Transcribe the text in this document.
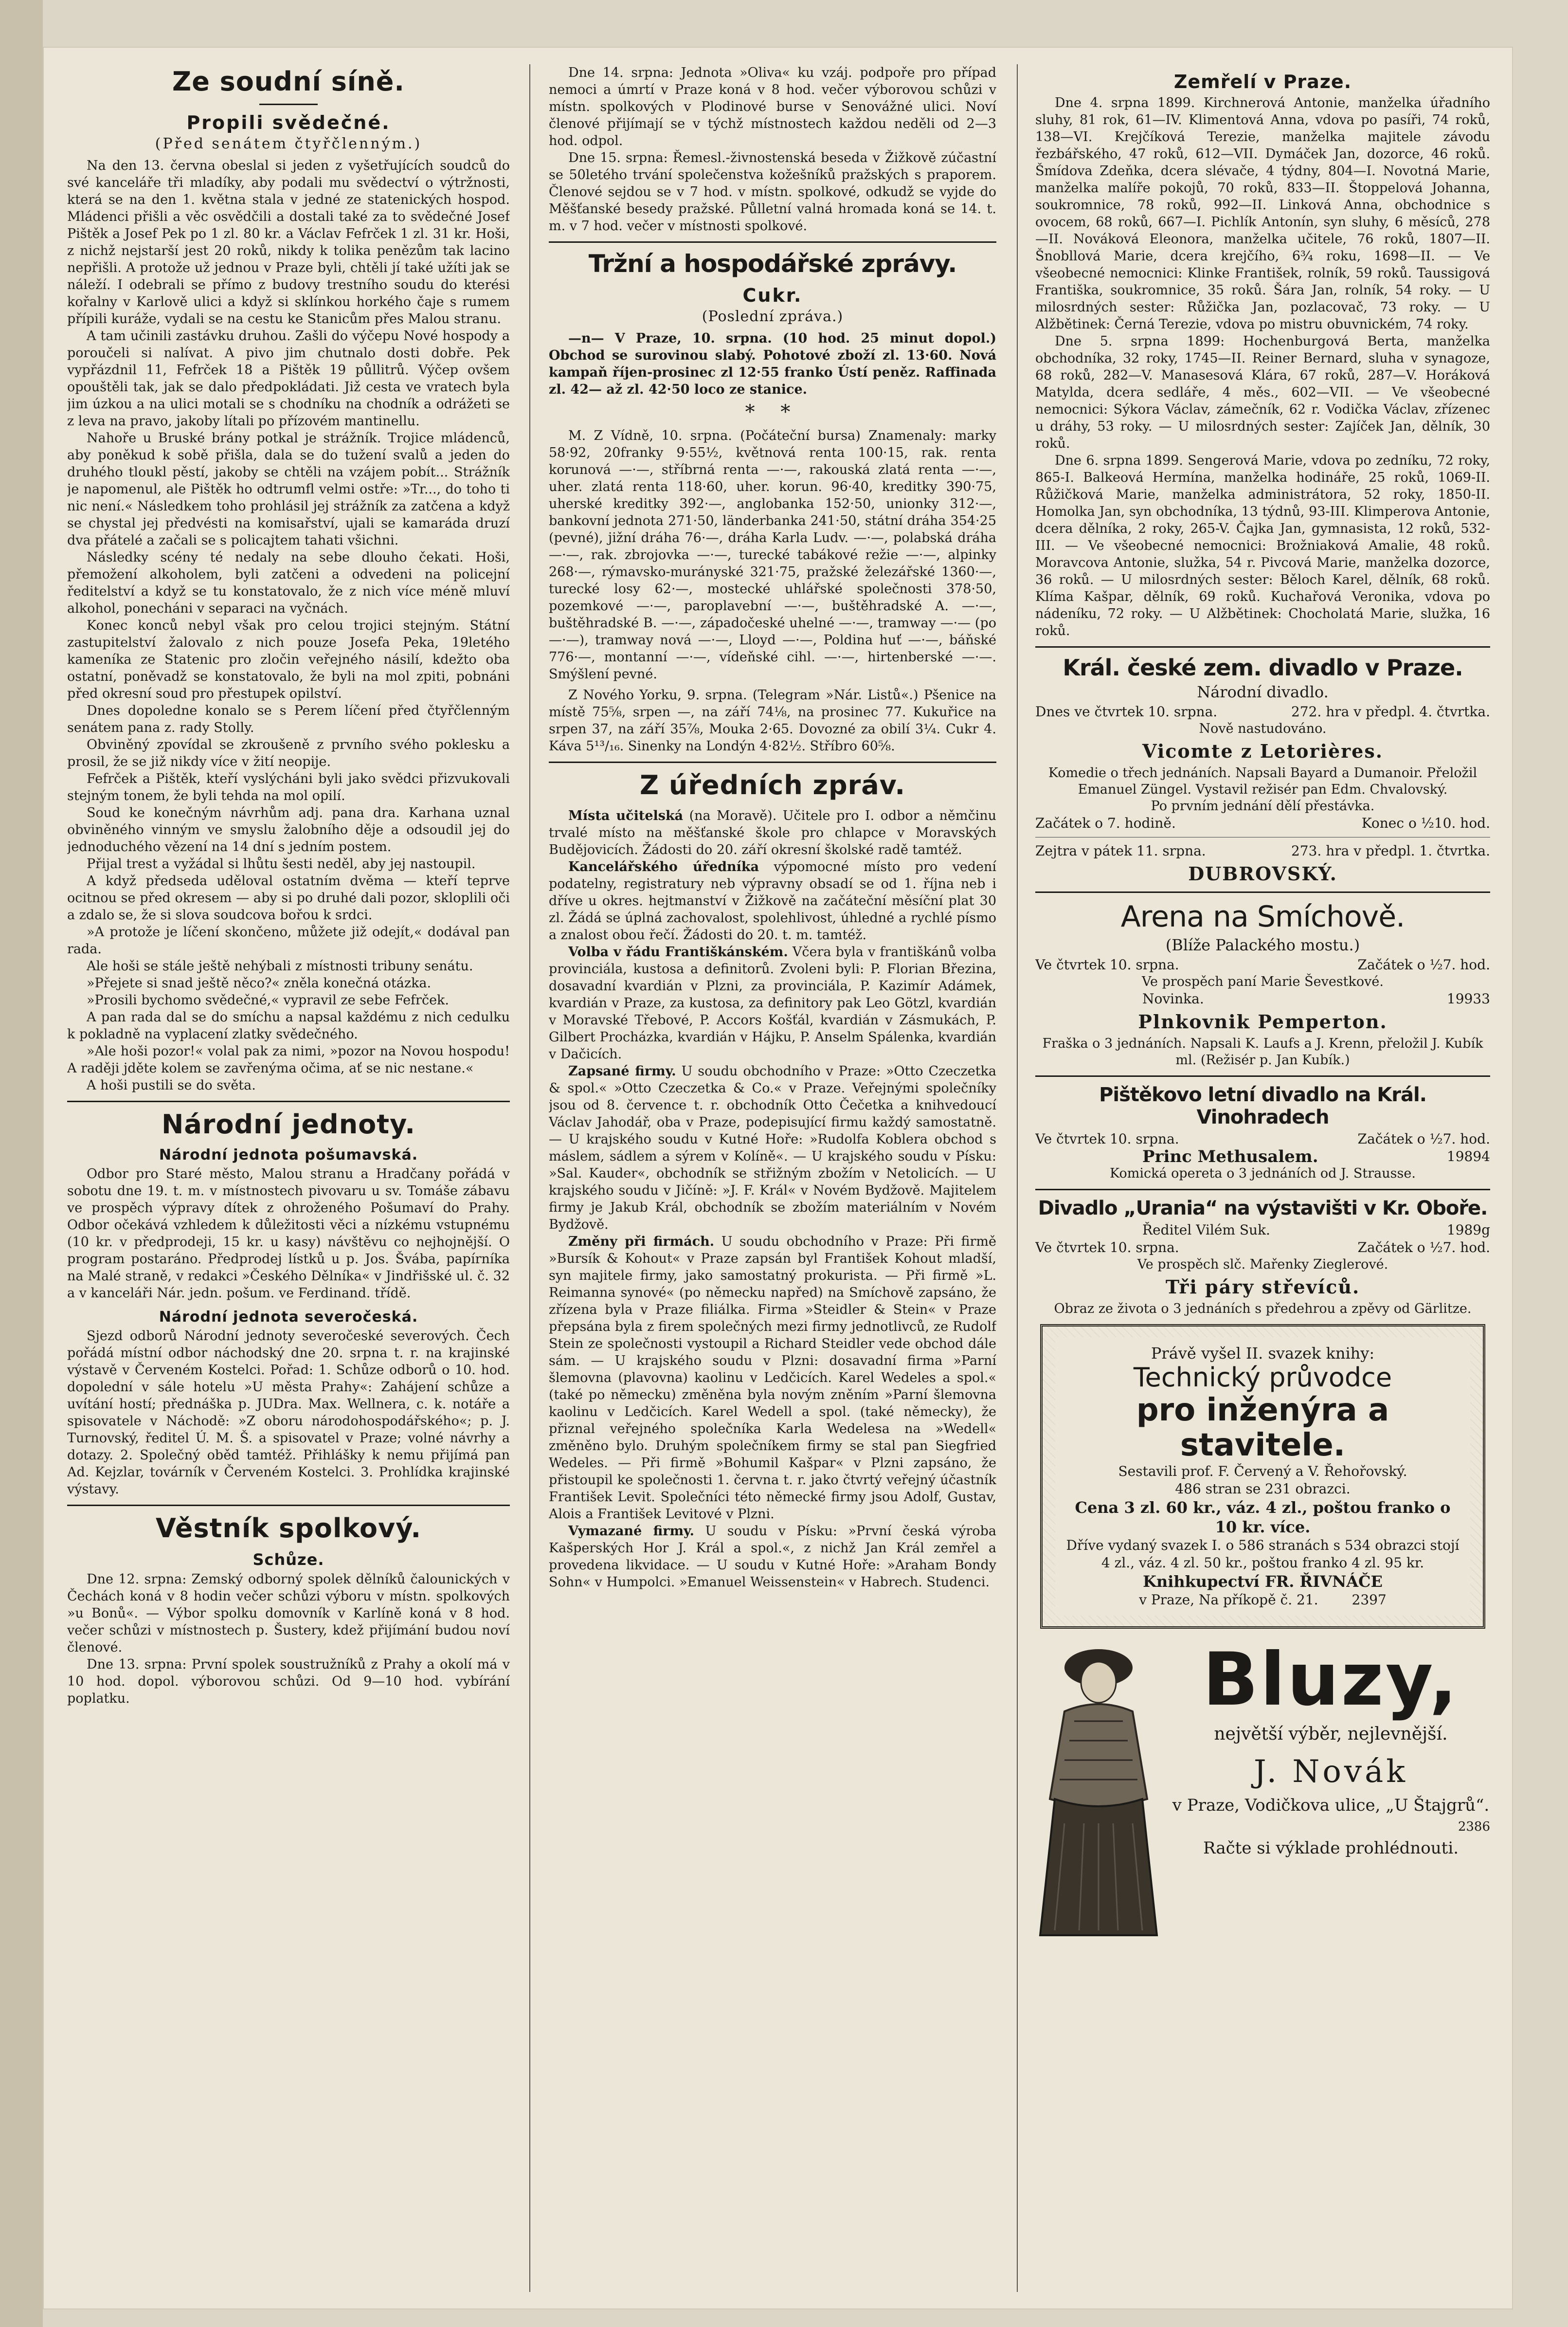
Ze soudní síně.
Propili svědečné.
(Před senátem čtyřčlenným.)

Na den 13. června obeslal si jeden z vyšetřujících soudců do své kanceláře tři mladíky, aby podali mu svědectví o výtržnosti, která se na den 1. května stala v jedné ze statenických hospod. Mládenci přišli a věc osvědčili a dostali také za to svědečné Josef Pištěk a Josef Pek po 1 zl. 80 kr. a Václav Fefrček 1 zl. 31 kr. Hoši, z nichž nejstarší jest 20 roků, nikdy k tolika penězům tak lacino nepřišli. A protože už jednou v Praze byli, chtěli jí také užíti jak se náleží. I odebrali se přímo z budovy trestního soudu do kterési kořalny v Karlově ulici a když si sklínkou horkého čaje s rumem přípili kuráže, vydali se na cestu ke Stanicům přes Malou stranu.

A tam učinili zastávku druhou. Zašli do výčepu Nové hospody a poroučeli si nalívat. A pivo jim chutnalo dosti dobře. Pek vypřázdnil 11, Fefrček 18 a Pištěk 19 půllitrů. Výčep ovšem opouštěli tak, jak se dalo předpokládati. Již cesta ve vratech byla jim úzkou a na ulici motali se s chodníku na chodník a odrážeti se z leva na pravo, jakoby lítali po přízovém mantinellu.

Nahoře u Bruské brány potkal je strážník. Trojice mládenců, aby poněkud k sobě přišla, dala se do tužení svalů a jeden do druhého tloukl pěstí, jakoby se chtěli na vzájem pobít... Strážník je napomenul, ale Pištěk ho odtrumfl velmi ostře: »Tr..., do toho ti nic není.« Následkem toho prohlásil jej strážník za zatčena a když se chystal jej předvésti na komisařství, ujali se kamaráda druzí dva přátelé a začali se s policajtem tahati všichni.

Následky scény té nedaly na sebe dlouho čekati. Hoši, přemožení alkoholem, byli zatčeni a odvedeni na policejní ředitelství a když se tu konstatovalo, že z nich více méně mluví alkohol, ponecháni v separaci na vyčnách.

Konec konců nebyl však pro celou trojici stejným. Státní zastupitelství žalovalo z nich pouze Josefa Peka, 19letého kameníka ze Statenic pro zločin veřejného násilí, kdežto oba ostatní, poněvadž se konstatovalo, že byli na mol zpiti, pobnáni před okresní soud pro přestupek opilství.

Dnes dopoledne konalo se s Perem líčení před čtyřčlenným senátem pana z. rady Stolly.

Obviněný zpovídal se zkroušeně z prvního svého poklesku a prosil, že se již nikdy více v žití neopije.

Fefrček a Pištěk, kteří vyslýcháni byli jako svědci přizvukovali stejným tonem, že byli tehda na mol opilí.

Soud ke konečným návrhům adj. pana dra. Karhana uznal obviněného vinným ve smyslu žalobního děje a odsoudil jej do jednoduchého vězení na 14 dní s jedním postem.

Přijal trest a vyžádal si lhůtu šesti neděl, aby jej nastoupil.

A když předseda uděloval ostatním dvěma — kteří teprve ocitnou se před okresem — aby si po druhé dali pozor, skloplili oči a zdalo se, že si slova soudcova bořou k srdci.

»A protože je líčení skončeno, můžete již odejít,« dodával pan rada.

Ale hoši se stále ještě nehýbali z místnosti tribuny senátu.

»Přejete si snad ještě něco?« zněla konečná otázka.

»Prosili bychomo svědečné,« vypravil ze sebe Fefrček.

A pan rada dal se do smíchu a napsal každému z nich cedulku k pokladně na vyplacení zlatky svědečného.

»Ale hoši pozor!« volal pak za nimi, »pozor na Novou hospodu! A raději jděte kolem se zavřenýma očima, ať se nic nestane.«

A hoši pustili se do světa.

Národní jednoty.
Národní jednota pošumavská.

Odbor pro Staré město, Malou stranu a Hradčany pořádá v sobotu dne 19. t. m. v místnostech pivovaru u sv. Tomáše zábavu ve prospěch výpravy dítek z ohroženého Pošumaví do Prahy. Odbor očekává vzhledem k důležitosti věci a nízkému vstupnému (10 kr. v předprodeji, 15 kr. u kasy) návštěvu co nejhojnější. O program postaráno. Předprodej lístků u p. Jos. Švába, papírníka na Malé straně, v redakci »Českého Dělníka« v Jindřišské ul. č. 32 a v kanceláři Nár. jedn. pošum. ve Ferdinand. třídě.

Národní jednota severočeská.

Sjezd odborů Národní jednoty severočeské severových. Čech pořádá místní odbor náchodský dne 20. srpna t. r. na krajinské výstavě v Červeném Kostelci. Pořad: 1. Schůze odborů o 10. hod. dopolední v sále hotelu »U města Prahy«: Zahájení schůze a uvítání hostí; přednáška p. JUDra. Max. Wellnera, c. k. notáře a spisovatele v Náchodě: »Z oboru národohospodářského«; p. J. Turnovský, ředitel Ú. M. Š. a spisovatel v Praze; volné návrhy a dotazy. 2. Společný oběd tamtéž. Přihlášky k nemu přijímá pan Ad. Kejzlar, továrník v Červeném Kostelci. 3. Prohlídka krajinské výstavy.

Věstník spolkový.
Schůze.

Dne 12. srpna: Zemský odborný spolek dělníků čalounických v Čechách koná v 8 hodin večer schůzi výboru v místn. spolkových »u Bonů«. — Výbor spolku domovník v Karlíně koná v 8 hod. večer schůzi v místnostech p. Šustery, kdež přijímání budou noví členové.

Dne 13. srpna: První spolek soustružníků z Prahy a okolí má v 10 hod. dopol. výborovou schůzi. Od 9—10 hod. vybírání poplatku.

Dne 14. srpna: Jednota »Oliva« ku vzáj. podpoře pro případ nemoci a úmrtí v Praze koná v 8 hod. večer výborovou schůzi v místn. spolkových v Plodinové burse v Senovážné ulici. Noví členové přijímají se v týchž místnostech každou neděli od 2—3 hod. odpol.

Dne 15. srpna: Řemesl.-živnostenská beseda v Žižkově zúčastní se 50letého trvání společenstva kožešníků pražských s praporem. Členové sejdou se v 7 hod. v místn. spolkové, odkudž se vyjde do Měšťanské besedy pražské. Půlletní valná hromada koná se 14. t. m. v 7 hod. večer v místnosti spolkové.

Tržní a hospodářské zprávy.
Cukr.
(Poslední zpráva.)

—n— V Praze, 10. srpna. (10 hod. 25 minut dopol.) Obchod se surovinou slabý. Pohotové zboží zl. 13·60. Nová kampaň říjen-prosinec zl 12·55 franko Ústí peněz. Raffinada zl. 42— až zl. 42·50 loco ze stanice.

* *

M. Z Vídně, 10. srpna. (Počáteční bursa) Znamenaly: marky 58·92, 20franky 9·55½, květnová renta 100·15, rak. renta korunová —·—, stříbrná renta —·—, rakouská zlatá renta —·—, uher. zlatá renta 118·60, uher. korun. 96·40, kreditky 390·75, uherské kreditky 392·—, anglobanka 152·50, unionky 312·—, bankovní jednota 271·50, länderbanka 241·50, státní dráha 354·25 (pevné), jižní dráha 76·—, dráha Karla Ludv. —·—, polabská dráha —·—, rak. zbrojovka —·—, turecké tabákové režie —·—, alpinky 268·—, rýmavsko-murányské 321·75, pražské železářské 1360·—, turecké losy 62·—, mostecké uhlářské společnosti 378·50, pozemkové —·—, paroplavební —·—, buštěhradské A. —·—, buštěhradské B. —·—, západočeské uhelné —·—, tramway —·— (po —·—), tramway nová —·—, Lloyd —·—, Poldina huť —·—, báňské 776·—, montanní —·—, vídeňské cihl. —·—, hirtenberské —·—. Smýšlení pevné.

Z Nového Yorku, 9. srpna. (Telegram »Nár. Listů«.) Pšenice na místě 75⅝, srpen —, na září 74⅛, na prosinec 77. Kukuřice na srpen 37, na září 35⅞, Mouka 2·65. Dovozné za obilí 3¼. Cukr 4. Káva 5¹³/₁₆. Sinenky na Londýn 4·82½. Stříbro 60⅝.

Z úředních zpráv.

Místa učitelská (na Moravě). Učitele pro I. odbor a němčinu trvalé místo na měšťanské škole pro chlapce v Moravských Budějovicích. Žádosti do 20. září okresní školské radě tamtéž.

Kancelářského úředníka výpomocné místo pro vedení podatelny, registratury neb výpravny obsadí se od 1. října neb i dříve u okres. hejtmanství v Žižkově na začáteční měsíční plat 30 zl. Žádá se úplná zachovalost, spolehlivost, úhledné a rychlé písmo a znalost obou řečí. Žádosti do 20. t. m. tamtéž.

Volba v řádu Františkánském. Včera byla v františkánů volba provinciála, kustosa a definitorů. Zvoleni byli: P. Florian Březina, dosavadní kvardián v Plzni, za provinciála, P. Kazimír Adámek, kvardián v Praze, za kustosa, za definitory pak Leo Götzl, kvardián v Moravské Třebové, P. Accors Košťál, kvardián v Zásmukách, P. Gilbert Procházka, kvardián v Hájku, P. Anselm Spálenka, kvardián v Dačicích.

Zapsané firmy. U soudu obchodního v Praze: »Otto Czeczetka & spol.« »Otto Czeczetka & Co.« v Praze. Veřejnými společníky jsou od 8. července t. r. obchodník Otto Čečetka a knihvedoucí Václav Jahodář, oba v Praze, podepisující firmu každý samostatně. — U krajského soudu v Kutné Hoře: »Rudolfa Koblera obchod s máslem, sádlem a sýrem v Kolíně«. — U krajského soudu v Písku: »Sal. Kauder«, obchodník se střižným zbožím v Netolicích. — U krajského soudu v Jičíně: »J. F. Král« v Novém Bydžově. Majitelem firmy je Jakub Král, obchodník se zbožím materiálním v Novém Bydžově.

Změny při firmách. U soudu obchodního v Praze: Při firmě »Bursík & Kohout« v Praze zapsán byl František Kohout mladší, syn majitele firmy, jako samostatný prokurista. — Při firmě »L. Reimanna synové« (po německu napřed) na Smíchově zapsáno, že zřízena byla v Praze filiálka. Firma »Steidler & Stein« v Praze přepsána byla z firem společných mezi firmy jednotlivců, ze Rudolf Stein ze společnosti vystoupil a Richard Steidler vede obchod dále sám. — U krajského soudu v Plzni: dosavadní firma »Parní šlemovna (plavovna) kaolinu v Ledčicích. Karel Wedeles a spol.« (také po německu) změněna byla novým zněním »Parní šlemovna kaolinu v Ledčicích. Karel Wedell a spol. (také německy), že přiznal veřejného společníka Karla Wedelesa na »Wedell« změněno bylo. Druhým společníkem firmy se stal pan Siegfried Wedeles. — Při firmě »Bohumil Kašpar« v Plzni zapsáno, že přistoupil ke společnosti 1. června t. r. jako čtvrtý veřejný účastník František Levit. Společníci této německé firmy jsou Adolf, Gustav, Alois a František Levitové v Plzni.

Vymazané firmy. U soudu v Písku: »První česká výroba Kašperských Hor J. Král a spol.«, z nichž Jan Král zemřel a provedena likvidace. — U soudu v Kutné Hoře: »Araham Bondy Sohn« v Humpolci. »Emanuel Weissenstein« v Habrech. Studenci.

Zemřelí v Praze.

Dne 4. srpna 1899. Kirchnerová Antonie, manželka úřadního sluhy, 81 rok, 61—IV. Klimentová Anna, vdova po pasíři, 74 roků, 138—VI. Krejčíková Terezie, manželka majitele závodu řezbářského, 47 roků, 612—VII. Dymáček Jan, dozorce, 46 roků. Šmídova Zdeňka, dcera slévače, 4 týdny, 804—I. Novotná Marie, manželka malíře pokojů, 70 roků, 833—II. Štoppelová Johanna, soukromnice, 78 roků, 992—II. Linková Anna, obchodnice s ovocem, 68 roků, 667—I. Pichlík Antonín, syn sluhy, 6 měsíců, 278—II. Nováková Eleonora, manželka učitele, 76 roků, 1807—II. Šnobllová Marie, dcera krejčího, 6¾ roku, 1698—II. — Ve všeobecné nemocnici: Klinke František, rolník, 59 roků. Taussigová Františka, soukromnice, 35 roků. Šára Jan, rolník, 54 roky. — U milosrdných sester: Růžička Jan, pozlacovač, 73 roky. — U Alžbětinek: Černá Terezie, vdova po mistru obuvnickém, 74 roky.

Dne 5. srpna 1899: Hochenburgová Berta, manželka obchodníka, 32 roky, 1745—II. Reiner Bernard, sluha v synagoze, 68 roků, 282—V. Manasesová Klára, 67 roků, 287—V. Horáková Matylda, dcera sedláře, 4 měs., 602—VII. — Ve všeobecné nemocnici: Sýkora Václav, zámečník, 62 r. Vodička Václav, zřízenec u dráhy, 53 roky. — U milosrdných sester: Zajíček Jan, dělník, 30 roků.

Dne 6. srpna 1899. Sengerová Marie, vdova po zedníku, 72 roky, 865-I. Balkeová Hermína, manželka hodináře, 25 roků, 1069-II. Růžičková Marie, manželka administrátora, 52 roky, 1850-II. Homolka Jan, syn obchodníka, 13 týdnů, 93-III. Klimperova Antonie, dcera dělníka, 2 roky, 265-V. Čajka Jan, gymnasista, 12 roků, 532-III. — Ve všeobecné nemocnici: Brožniaková Amalie, 48 roků. Moravcova Antonie, služka, 54 r. Pivcová Marie, manželka dozorce, 36 roků. — U milosrdných sester: Běloch Karel, dělník, 68 roků. Klíma Kašpar, dělník, 69 roků. Kuchařová Veronika, vdova po nádeníku, 72 roky. — U Alžbětinek: Chocholatá Marie, služka, 16 roků.

Král. české zem. divadlo v Praze.
Národní divadlo.
Dnes ve čtvrtek 10. srpna.	272. hra v předpl. 4. čtvrtka.
Nově nastudováno.
Vicomte z Letorières.
Komedie o třech jednáních. Napsali Bayard a Dumanoir. Přeložil Emanuel Züngel. Vystavil režisér pan Edm. Chvalovský.
Po prvním jednání dělí přestávka.
Začátek o 7. hodině.	Konec o ½10. hod.
Zejtra v pátek 11. srpna.	273. hra v předpl. 1. čtvrtka.
DUBROVSKÝ.
Arena na Smíchově.
(Blíže Palackého mostu.)
Ve čtvrtek 10. srpna.	Začátek o ½7. hod.
Ve prospěch paní Marie Ševestkové.
Novinka.	19933
Plnkovnik Pemperton.
Fraška o 3 jednáních. Napsali K. Laufs a J. Krenn, přeložil J. Kubík ml. (Režisér p. Jan Kubík.)
Pištěkovo letní divadlo na Král. Vinohradech
Ve čtvrtek 10. srpna.	Začátek o ½7. hod.
Princ Methusalem.	19894
Komická opereta o 3 jednáních od J. Strausse.
Divadlo „Urania“ na výstavišti v Kr. Obоře.
Ředitel Vilém Suk.	1989g
Ve čtvrtek 10. srpna.	Začátek o ½7. hod.
Ve prospěch slč. Mařenky Zieglerové.
Tři páry střevíců.
Obraz ze života o 3 jednáních s předehrou a zpěvy od Gärlitze.
Právě vyšel II. svazek knihy:
Technický průvodce
pro inženýra a stavitele.
Sestavili prof. F. Červený a V. Řehořovský.
486 stran se 231 obrazci.
Cena 3 zl. 60 kr., váz. 4 zl., poštou franko o 10 kr. více.
Dříve vydaný svazek I. o 586 stranách s 534 obrazci stojí 4 zl., váz. 4 zl. 50 kr., poštou franko 4 zl. 95 kr.
Knihkupectví FR. ŘIVNÁČE
v Praze, Na příkopě č. 21. 2397
Bluzy,
největší výběr, nejlevnější.
J. Novák
v Praze, Vodičkova ulice, „U Štajgrů“.
2386
Račte si výklade prohlédnouti.
